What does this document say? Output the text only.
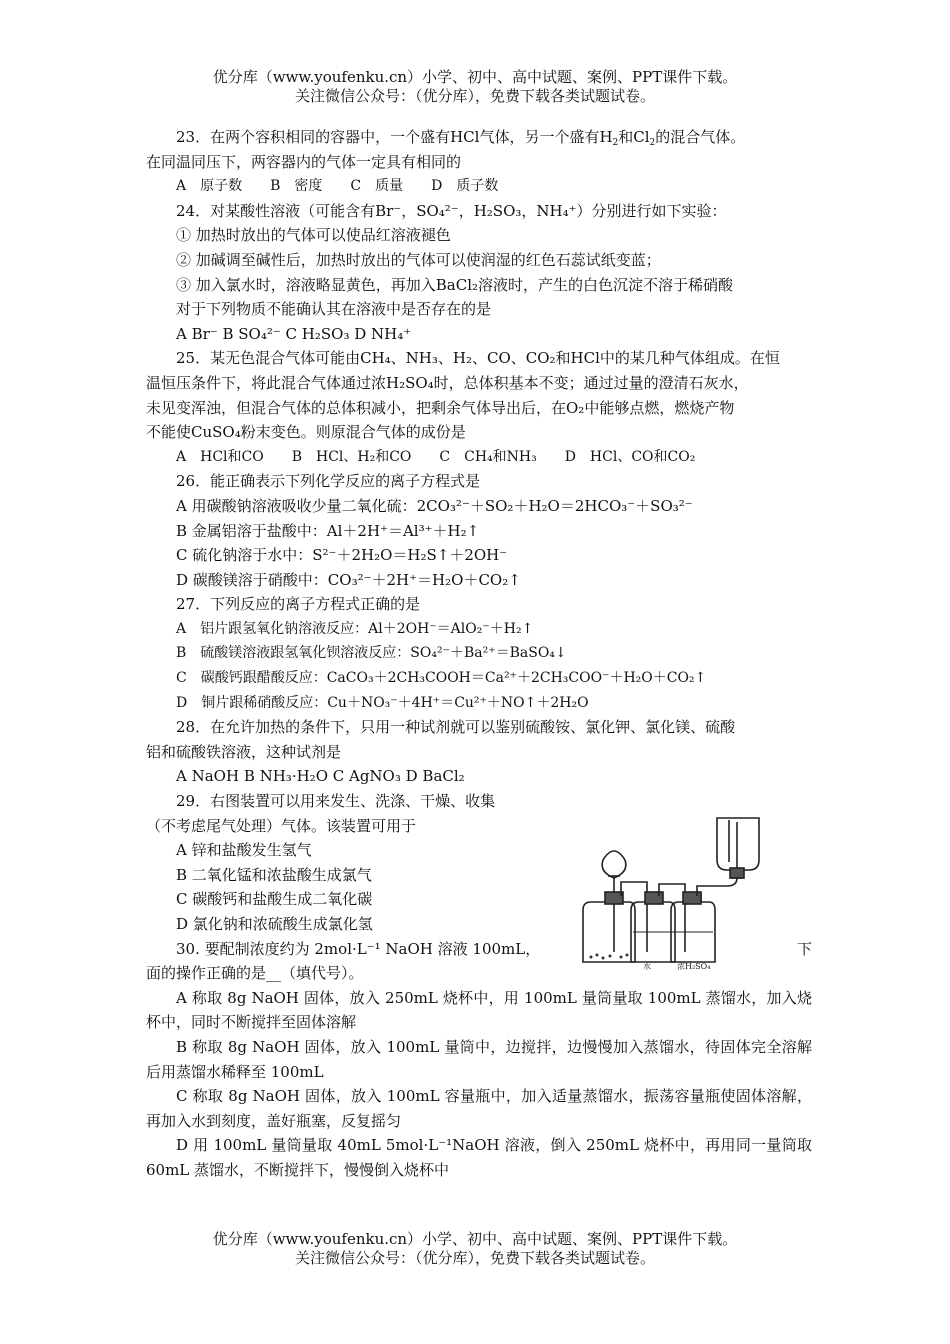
优分库（www.youfenku.cn）小学、初中、高中试题、案例、PPT课件下载。
关注微信公众号：（优分库），免费下载各类试题试卷。
23．在两个容积相同的容器中，一个盛有HCl气体，另一个盛有$H_2$和$Cl_2$的混合气体。
在同温同压下，两容器内的气体一定具有相同的
A　原子数　　B　密度　　C　质量　　D　质子数
24．对某酸性溶液（可能含有Br⁻，SO₄²⁻，H₂SO₃，NH₄⁺）分别进行如下实验：
① 加热时放出的气体可以使品红溶液褪色
② 加碱调至碱性后，加热时放出的气体可以使润湿的红色石蕊试纸变蓝；
③ 加入氯水时，溶液略显黄色，再加入BaCl₂溶液时，产生的白色沉淀不溶于稀硝酸
对于下列物质不能确认其在溶液中是否存在的是
A Br⁻ B SO₄²⁻ C H₂SO₃ D NH₄⁺
25．某无色混合气体可能由CH₄、NH₃、H₂、CO、CO₂和HCl中的某几种气体组成。在恒
温恒压条件下，将此混合气体通过浓H₂SO₄时，总体积基本不变；通过过量的澄清石灰水，
未见变浑浊，但混合气体的总体积减小，把剩余气体导出后，在O₂中能够点燃，燃烧产物
不能使CuSO₄粉末变色。则原混合气体的成份是
A　HCl和CO　　B　HCl、H₂和CO　　C　CH₄和NH₃　　D　HCl、CO和CO₂
26．能正确表示下列化学反应的离子方程式是
A 用碳酸钠溶液吸收少量二氧化硫：2CO₃²⁻＋SO₂＋H₂O＝2HCO₃⁻＋SO₃²⁻
B 金属铝溶于盐酸中：Al＋2H⁺＝Al³⁺＋H₂↑
C 硫化钠溶于水中：S²⁻＋2H₂O＝H₂S↑＋2OH⁻
D 碳酸镁溶于硝酸中：CO₃²⁻＋2H⁺＝H₂O＋CO₂↑
27．下列反应的离子方程式正确的是
A　铝片跟氢氧化钠溶液反应：Al＋2OH⁻＝AlO₂⁻＋H₂↑
B　硫酸镁溶液跟氢氧化钡溶液反应：SO₄²⁻＋Ba²⁺＝BaSO₄↓
C　碳酸钙跟醋酸反应：CaCO₃＋2CH₃COOH＝Ca²⁺＋2CH₃COO⁻＋H₂O＋CO₂↑
D　铜片跟稀硝酸反应：Cu＋NO₃⁻＋4H⁺＝Cu²⁺＋NO↑＋2H₂O
28．在允许加热的条件下，只用一种试剂就可以鉴别硫酸铵、氯化钾、氯化镁、硫酸
铝和硫酸铁溶液，这种试剂是
A NaOH B NH₃·H₂O C AgNO₃ D BaCl₂
29．右图装置可以用来发生、洗涤、干燥、收集
（不考虑尾气处理）气体。该装置可用于
A 锌和盐酸发生氢气
B 二氧化锰和浓盐酸生成氯气
C 碳酸钙和盐酸生成二氧化碳
D 氯化钠和浓硫酸生成氯化氢
30. 要配制浓度约为 2mol·L⁻¹ NaOH 溶液 100mL，	下
面的操作正确的是__（填代号）。
A 称取 8g NaOH 固体，放入 250mL 烧杯中，用 100mL 量筒量取 100mL 蒸馏水，加入烧杯中，同时不断搅拌至固体溶解
B 称取 8g NaOH 固体，放入 100mL 量筒中，边搅拌，边慢慢加入蒸馏水，待固体完全溶解后用蒸馏水稀释至 100mL
C 称取 8g NaOH 固体，放入 100mL 容量瓶中，加入适量蒸馏水，振荡容量瓶使固体溶解，再加入水到刻度，盖好瓶塞，反复摇匀
D 用 100mL 量筒量取 40mL 5mol·L⁻¹NaOH 溶液，倒入 250mL 烧杯中，再用同一量筒取 60mL 蒸馏水，不断搅拌下，慢慢倒入烧杯中
水	浓H₂SO₄
优分库（www.youfenku.cn）小学、初中、高中试题、案例、PPT课件下载。
关注微信公众号：（优分库），免费下载各类试题试卷。
